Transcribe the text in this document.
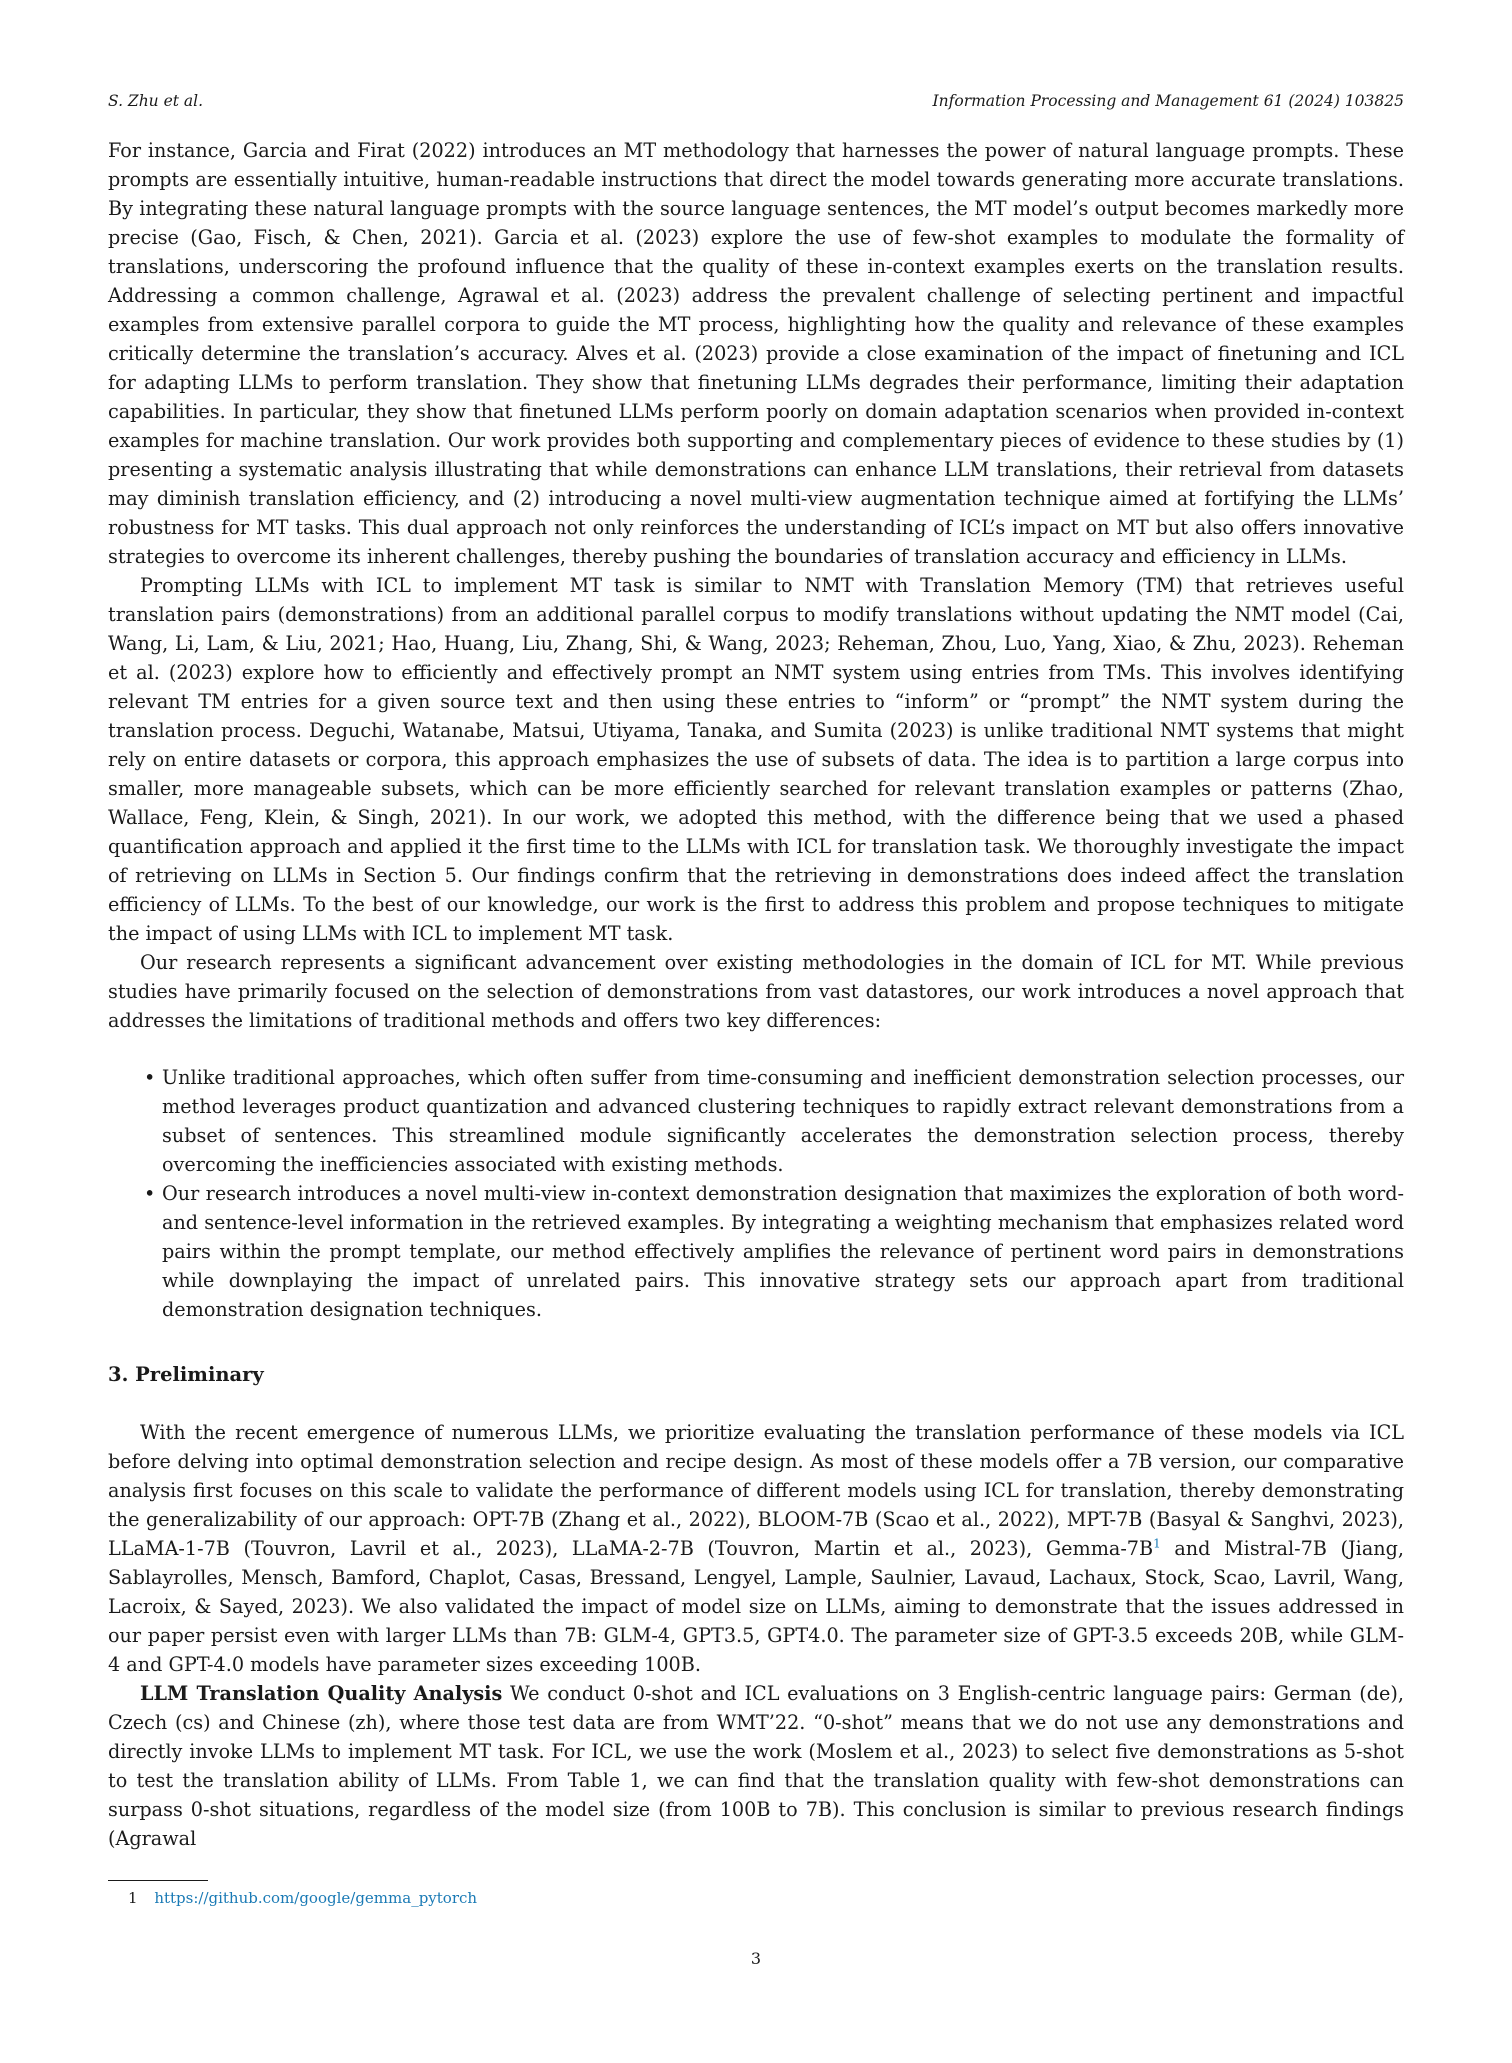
S. Zhu et al.	Information Processing and Management 61 (2024) 103825

For instance, Garcia and Firat (2022) introduces an MT methodology that harnesses the power of natural language prompts. These prompts are essentially intuitive, human-readable instructions that direct the model towards generating more accurate translations. By integrating these natural language prompts with the source language sentences, the MT model’s output becomes markedly more precise (Gao, Fisch, & Chen, 2021). Garcia et al. (2023) explore the use of few-shot examples to modulate the formality of translations, underscoring the profound influence that the quality of these in-context examples exerts on the translation results. Addressing a common challenge, Agrawal et al. (2023) address the prevalent challenge of selecting pertinent and impactful examples from extensive parallel corpora to guide the MT process, highlighting how the quality and relevance of these examples critically determine the translation’s accuracy. Alves et al. (2023) provide a close examination of the impact of finetuning and ICL for adapting LLMs to perform translation. They show that finetuning LLMs degrades their performance, limiting their adaptation capabilities. In particular, they show that finetuned LLMs perform poorly on domain adaptation scenarios when provided in-context examples for machine translation. Our work provides both supporting and complementary pieces of evidence to these studies by (1) presenting a systematic analysis illustrating that while demonstrations can enhance LLM translations, their retrieval from datasets may diminish translation efficiency, and (2) introducing a novel multi-view augmentation technique aimed at fortifying the LLMs’ robustness for MT tasks. This dual approach not only reinforces the understanding of ICL’s impact on MT but also offers innovative strategies to overcome its inherent challenges, thereby pushing the boundaries of translation accuracy and efficiency in LLMs.

Prompting LLMs with ICL to implement MT task is similar to NMT with Translation Memory (TM) that retrieves useful translation pairs (demonstrations) from an additional parallel corpus to modify translations without updating the NMT model (Cai, Wang, Li, Lam, & Liu, 2021; Hao, Huang, Liu, Zhang, Shi, & Wang, 2023; Reheman, Zhou, Luo, Yang, Xiao, & Zhu, 2023). Reheman et al. (2023) explore how to efficiently and effectively prompt an NMT system using entries from TMs. This involves identifying relevant TM entries for a given source text and then using these entries to “inform” or “prompt” the NMT system during the translation process. Deguchi, Watanabe, Matsui, Utiyama, Tanaka, and Sumita (2023) is unlike traditional NMT systems that might rely on entire datasets or corpora, this approach emphasizes the use of subsets of data. The idea is to partition a large corpus into smaller, more manageable subsets, which can be more efficiently searched for relevant translation examples or patterns (Zhao, Wallace, Feng, Klein, & Singh, 2021). In our work, we adopted this method, with the difference being that we used a phased quantification approach and applied it the first time to the LLMs with ICL for translation task. We thoroughly investigate the impact of retrieving on LLMs in Section 5. Our findings confirm that the retrieving in demonstrations does indeed affect the translation efficiency of LLMs. To the best of our knowledge, our work is the first to address this problem and propose techniques to mitigate the impact of using LLMs with ICL to implement MT task.

Our research represents a significant advancement over existing methodologies in the domain of ICL for MT. While previous studies have primarily focused on the selection of demonstrations from vast datastores, our work introduces a novel approach that addresses the limitations of traditional methods and offers two key differences:

• Unlike traditional approaches, which often suffer from time-consuming and inefficient demonstration selection processes, our method leverages product quantization and advanced clustering techniques to rapidly extract relevant demonstrations from a subset of sentences. This streamlined module significantly accelerates the demonstration selection process, thereby overcoming the inefficiencies associated with existing methods.
• Our research introduces a novel multi-view in-context demonstration designation that maximizes the exploration of both word- and sentence-level information in the retrieved examples. By integrating a weighting mechanism that emphasizes related word pairs within the prompt template, our method effectively amplifies the relevance of pertinent word pairs in demonstrations while downplaying the impact of unrelated pairs. This innovative strategy sets our approach apart from traditional demonstration designation techniques.
3. Preliminary

With the recent emergence of numerous LLMs, we prioritize evaluating the translation performance of these models via ICL before delving into optimal demonstration selection and recipe design. As most of these models offer a 7B version, our comparative analysis first focuses on this scale to validate the performance of different models using ICL for translation, thereby demonstrating the generalizability of our approach: OPT-7B (Zhang et al., 2022), BLOOM-7B (Scao et al., 2022), MPT-7B (Basyal & Sanghvi, 2023), LLaMA-1-7B (Touvron, Lavril et al., 2023), LLaMA-2-7B (Touvron, Martin et al., 2023), Gemma-$7B^1$ and Mistral-7B (Jiang, Sablayrolles, Mensch, Bamford, Chaplot, Casas, Bressand, Lengyel, Lample, Saulnier, Lavaud, Lachaux, Stock, Scao, Lavril, Wang, Lacroix, & Sayed, 2023). We also validated the impact of model size on LLMs, aiming to demonstrate that the issues addressed in our paper persist even with larger LLMs than 7B: GLM-4, GPT3.5, GPT4.0. The parameter size of GPT-3.5 exceeds 20B, while GLM-4 and GPT-4.0 models have parameter sizes exceeding 100B.

LLM Translation Quality Analysis We conduct 0-shot and ICL evaluations on 3 English-centric language pairs: German (de), Czech (cs) and Chinese (zh), where those test data are from WMT’22. “0-shot” means that we do not use any demonstrations and directly invoke LLMs to implement MT task. For ICL, we use the work (Moslem et al., 2023) to select five demonstrations as 5-shot to test the translation ability of LLMs. From Table 1, we can find that the translation quality with few-shot demonstrations can surpass 0-shot situations, regardless of the model size (from 100B to 7B). This conclusion is similar to previous research findings (Agrawal

1 https://github.com/google/gemma_pytorch
3
